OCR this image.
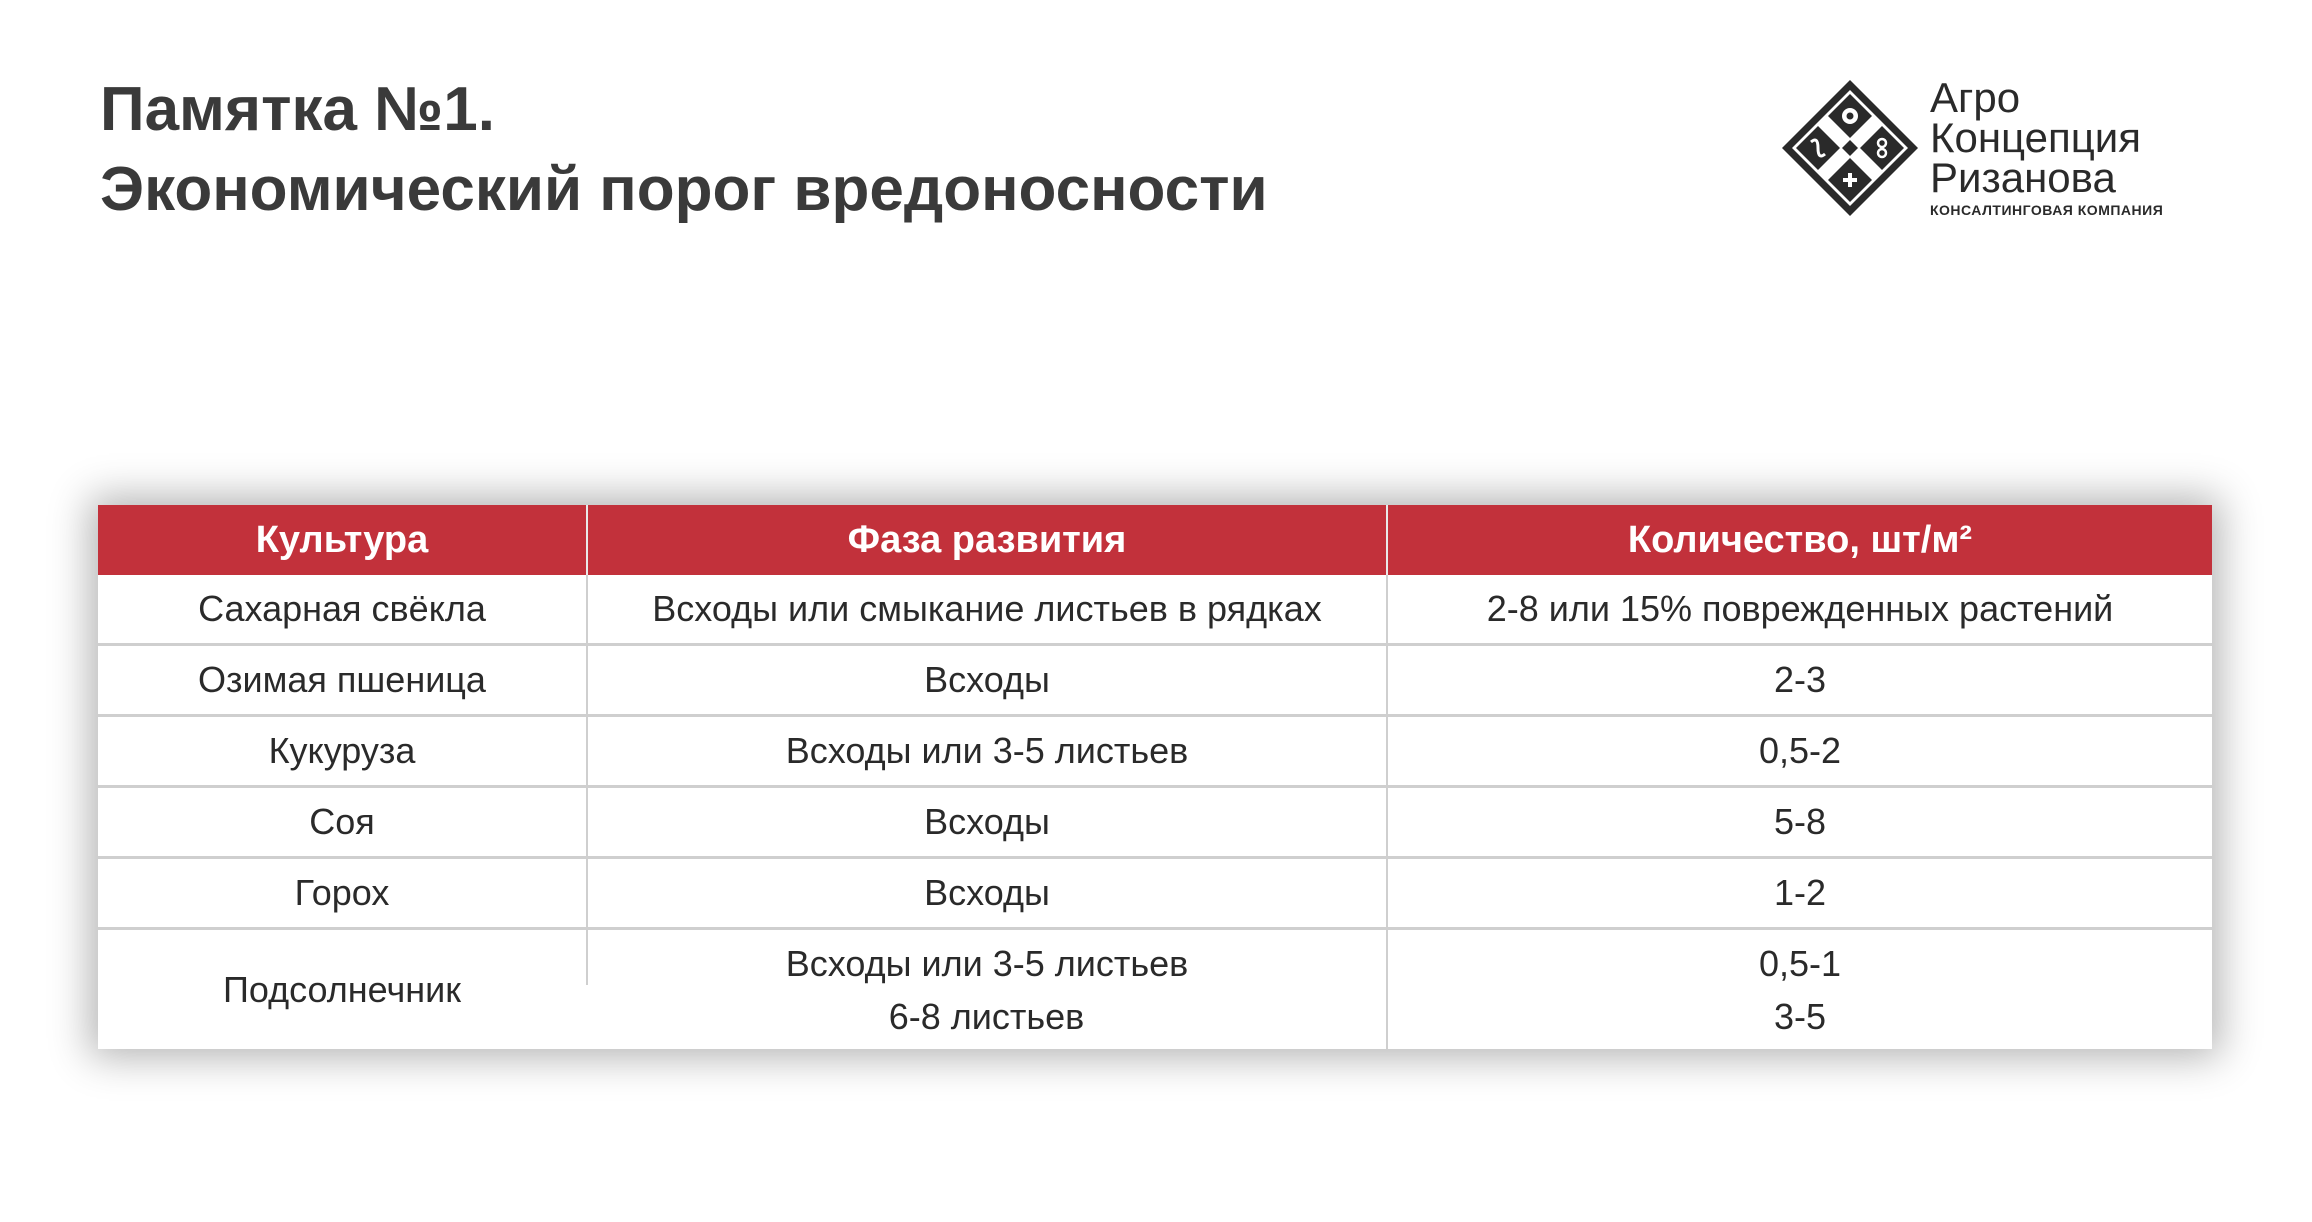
Памятка №1.
Экономический порог вредоносности
Агро
Концепция
Ризанова
КОНСАЛТИНГОВАЯ КОМПАНИЯ
Культура	Фаза развития	Количество, шт/м²
Сахарная свёкла	Всходы или смыкание листьев в рядках	2-8 или 15% поврежденных растений
Озимая пшеница	Всходы	2-3
Кукуруза	Всходы или 3-5 листьев	0,5-2
Соя	Всходы	5-8
Горох	Всходы	1-2
Подсолнечник	Всходы или 3-5 листьев	0,5-1
	6-8 листьев	3-5
